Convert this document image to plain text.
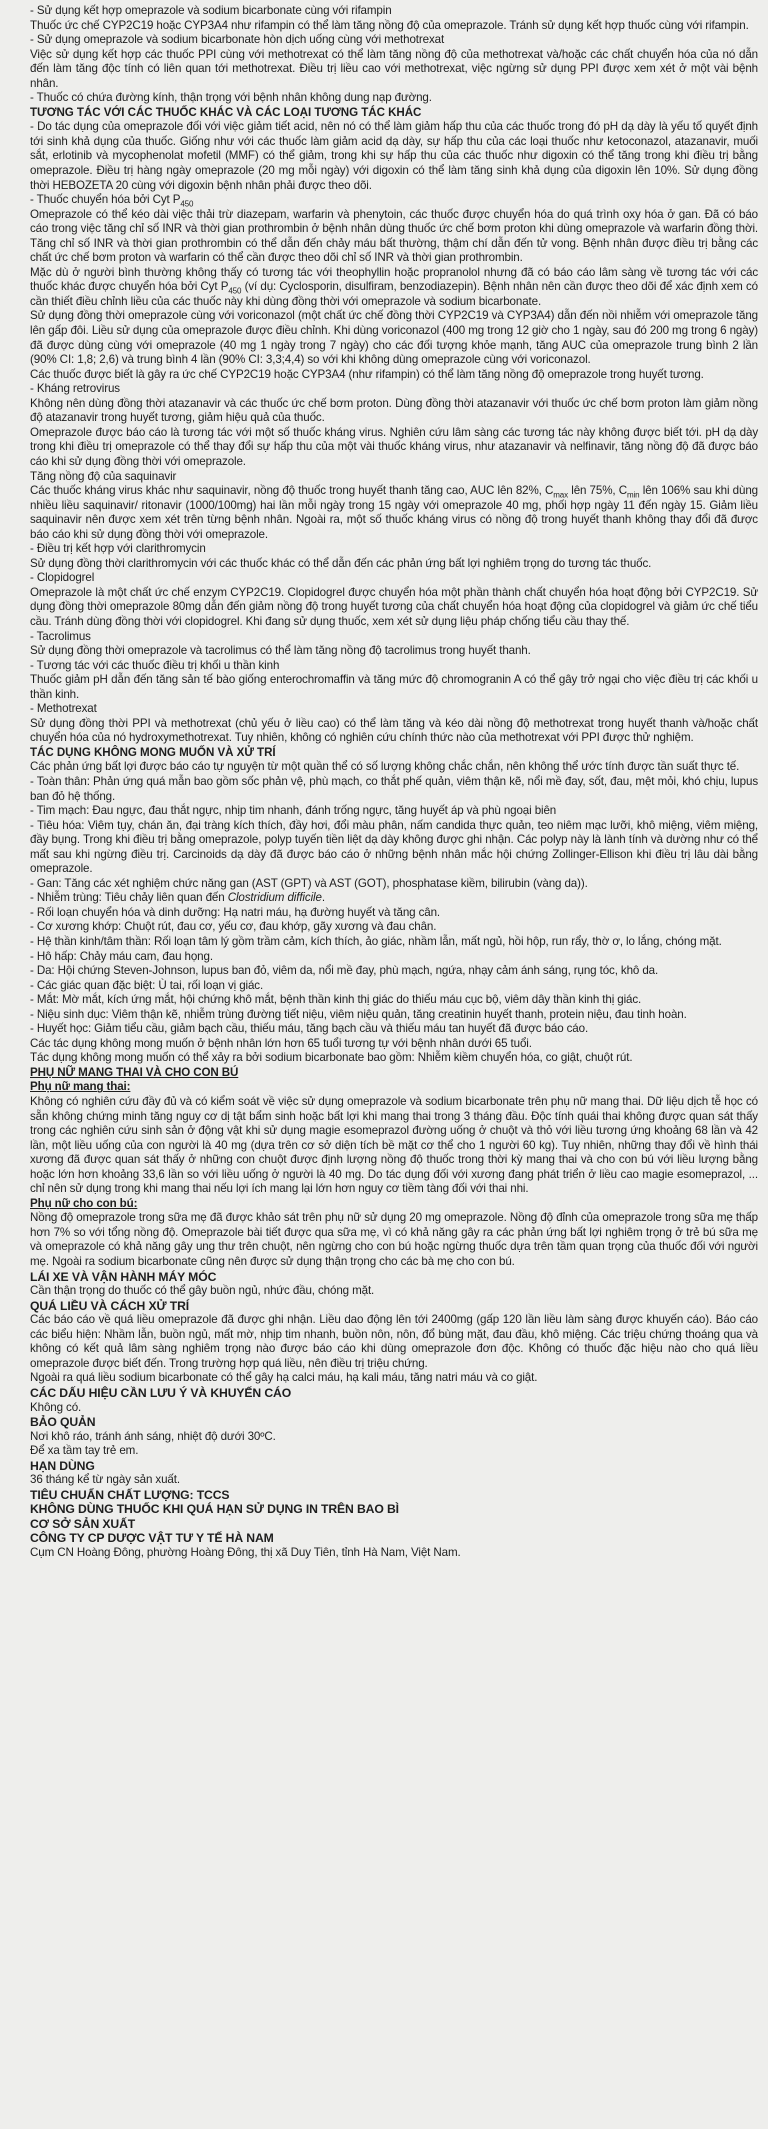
- Sử dụng kết hợp omeprazole và sodium bicarbonate cùng với rifampin

Thuốc ức chế CYP2C19 hoặc CYP3A4 như rifampin có thể làm tăng nồng độ của omeprazole. Tránh sử dụng kết hợp thuốc cùng với rifampin.

- Sử dụng omeprazole và sodium bicarbonate hòn dịch uống cùng với methotrexat

Việc sử dụng kết hợp các thuốc PPI cùng với methotrexat có thể làm tăng nồng độ của methotrexat và/hoặc các chất chuyển hóa của nó dẫn đến làm tăng độc tính có liên quan tới methotrexat. Điều trị liều cao với methotrexat, việc ngừng sử dụng PPI được xem xét ở một vài bệnh nhân.

- Thuốc có chứa đường kính, thận trọng với bệnh nhân không dung nạp đường.

TƯƠNG TÁC VỚI CÁC THUỐC KHÁC VÀ CÁC LOẠI TƯƠNG TÁC KHÁC

- Do tác dụng của omeprazole đối với việc giảm tiết acid, nên nó có thể làm giảm hấp thu của các thuốc trong đó pH dạ dày là yếu tố quyết định tới sinh khả dụng của thuốc. Giống như với các thuốc làm giảm acid dạ dày, sự hấp thu của các loại thuốc như ketoconazol, atazanavir, muối sắt, erlotinib và mycophenolat mofetil (MMF) có thể giảm, trong khi sự hấp thu của các thuốc như digoxin có thể tăng trong khi điều trị bằng omeprazole. Điều trị hàng ngày omeprazole (20 mg mỗi ngày) với digoxin có thể làm tăng sinh khả dụng của digoxin lên 10%. Sử dụng đồng thời HEBOZETA 20 cùng với digoxin bệnh nhân phải được theo dõi.

- Thuốc chuyển hóa bởi Cyt $P_{450}$

Omeprazole có thể kéo dài việc thải trừ diazepam, warfarin và phenytoin, các thuốc được chuyển hóa do quá trình oxy hóa ở gan. Đã có báo cáo trong việc tăng chỉ số INR và thời gian prothrombin ở bệnh nhân dùng thuốc ức chế bơm proton khi dùng omeprazole và warfarin đồng thời. Tăng chỉ số INR và thời gian prothrombin có thể dẫn đến chảy máu bất thường, thậm chí dẫn đến tử vong. Bệnh nhân được điều trị bằng các chất ức chế bơm proton và warfarin có thể cần được theo dõi chỉ số INR và thời gian prothrombin.

Mặc dù ở người bình thường không thấy có tương tác với theophyllin hoặc propranolol nhưng đã có báo cáo lâm sàng về tương tác với các thuốc khác được chuyển hóa bởi Cyt $P_{450}$ (ví dụ: Cyclosporin, disulfiram, benzodiazepin). Bệnh nhân nên cần được theo dõi để xác định xem có cần thiết điều chỉnh liều của các thuốc này khi dùng đồng thời với omeprazole và sodium bicarbonate.

Sử dụng đồng thời omeprazole cùng với voriconazol (một chất ức chế đồng thời CYP2C19 và CYP3A4) dẫn đến nồi nhiễm với omeprazole tăng lên gấp đôi. Liều sử dụng của omeprazole được điều chỉnh. Khi dùng voriconazol (400 mg trong 12 giờ cho 1 ngày, sau đó 200 mg trong 6 ngày) đã được dùng cùng với omeprazole (40 mg 1 ngày trong 7 ngày) cho các đối tượng khỏe mạnh, tăng AUC của omeprazole trung bình 2 lần (90% CI: 1,8; 2,6) và trung bình 4 lần (90% CI: 3,3;4,4) so với khi không dùng omeprazole cùng với voriconazol.

Các thuốc được biết là gây ra ức chế CYP2C19 hoặc CYP3A4 (như rifampin) có thể làm tăng nồng độ omeprazole trong huyết tương.

- Kháng retrovirus

Không nên dùng đồng thời atazanavir và các thuốc ức chế bơm proton. Dùng đồng thời atazanavir với thuốc ức chế bơm proton làm giảm nồng độ atazanavir trong huyết tương, giảm hiệu quả của thuốc.

Omeprazole được báo cáo là tương tác với một số thuốc kháng virus. Nghiên cứu lâm sàng các tương tác này không được biết tới. pH dạ dày trong khi điều trị omeprazole có thể thay đổi sự hấp thu của một vài thuốc kháng virus, như atazanavir và nelfinavir, tăng nồng độ đã được báo cáo khi sử dụng đồng thời với omeprazole.

Tăng nồng độ của saquinavir

Các thuốc kháng virus khác như saquinavir, nồng độ thuốc trong huyết thanh tăng cao, AUC lên 82%, $C_{max}$ lên 75%, $C_{min}$ lên 106% sau khi dùng nhiều liều saquinavir/ ritonavir (1000/100mg) hai lần mỗi ngày trong 15 ngày với omeprazole 40 mg, phối hợp ngày 11 đến ngày 15. Giảm liều saquinavir nên được xem xét trên từng bệnh nhân. Ngoài ra, một số thuốc kháng virus có nồng độ trong huyết thanh không thay đổi đã được báo cáo khi sử dụng đồng thời với omeprazole.

- Điều trị kết hợp với clarithromycin

Sử dụng đồng thời clarithromycin với các thuốc khác có thể dẫn đến các phản ứng bất lợi nghiêm trọng do tương tác thuốc.

- Clopidogrel

Omeprazole là một chất ức chế enzym CYP2C19. Clopidogrel được chuyển hóa một phần thành chất chuyển hóa hoạt động bởi CYP2C19. Sử dụng đồng thời omeprazole 80mg dẫn đến giảm nồng độ trong huyết tương của chất chuyển hóa hoạt động của clopidogrel và giảm ức chế tiểu cầu. Tránh dùng đồng thời với clopidogrel. Khi đang sử dụng thuốc, xem xét sử dụng liệu pháp chống tiểu cầu thay thế.

- Tacrolimus

Sử dụng đồng thời omeprazole và tacrolimus có thể làm tăng nồng độ tacrolimus trong huyết thanh.

- Tương tác với các thuốc điều trị khối u thần kinh

Thuốc giảm pH dẫn đến tăng sản tế bào giống enterochromaffin và tăng mức độ chromogranin A có thể gây trở ngại cho việc điều trị các khối u thần kinh.

- Methotrexat

Sử dụng đồng thời PPI và methotrexat (chủ yếu ở liều cao) có thể làm tăng và kéo dài nồng độ methotrexat trong huyết thanh và/hoặc chất chuyển hóa của nó hydroxymethotrexat. Tuy nhiên, không có nghiên cứu chính thức nào của methotrexat với PPI được thử nghiệm.

TÁC DỤNG KHÔNG MONG MUỐN VÀ XỬ TRÍ

Các phản ứng bất lợi được báo cáo tự nguyện từ một quần thể có số lượng không chắc chắn, nên không thể ước tính được tần suất thực tế.

- Toàn thân: Phản ứng quá mẫn bao gồm sốc phản vệ, phù mạch, co thắt phế quản, viêm thận kẽ, nổi mề đay, sốt, đau, mệt mỏi, khó chịu, lupus ban đỏ hệ thống.

- Tim mạch: Đau ngực, đau thắt ngực, nhịp tim nhanh, đánh trống ngực, tăng huyết áp và phù ngoại biên

- Tiêu hóa: Viêm tụy, chán ăn, đại tràng kích thích, đầy hơi, đổi màu phân, nấm candida thực quản, teo niêm mạc lưỡi, khô miệng, viêm miệng, đầy bụng. Trong khi điều trị bằng omeprazole, polyp tuyến tiền liệt dạ dày không được ghi nhận. Các polyp này là lành tính và dường như có thể mất sau khi ngừng điều trị. Carcinoids dạ dày đã được báo cáo ở những bệnh nhân mắc hội chứng Zollinger-Ellison khi điều trị lâu dài bằng omeprazole.

- Gan: Tăng các xét nghiệm chức năng gan (AST (GPT) và AST (GOT), phosphatase kiềm, bilirubin (vàng da)).

- Nhiễm trùng: Tiêu chảy liên quan đến Clostridium difficile.

- Rối loạn chuyển hóa và dinh dưỡng: Hạ natri máu, hạ đường huyết và tăng cân.

- Cơ xương khớp: Chuột rút, đau cơ, yếu cơ, đau khớp, gãy xương và đau chân.

- Hệ thần kinh/tâm thần: Rối loạn tâm lý gồm trầm cảm, kích thích, ảo giác, nhầm lẫn, mất ngủ, hồi hộp, run rẩy, thờ ơ, lo lắng, chóng mặt.

- Hô hấp: Chảy máu cam, đau họng.

- Da: Hội chứng Steven-Johnson, lupus ban đỏ, viêm da, nổi mề đay, phù mạch, ngứa, nhạy cảm ánh sáng, rụng tóc, khô da.

- Các giác quan đặc biệt: Ù tai, rối loạn vị giác.

- Mắt: Mờ mắt, kích ứng mắt, hội chứng khô mắt, bệnh thần kinh thị giác do thiếu máu cục bộ, viêm dây thần kinh thị giác.

- Niệu sinh dục: Viêm thận kẽ, nhiễm trùng đường tiết niệu, viêm niệu quản, tăng creatinin huyết thanh, protein niệu, đau tinh hoàn.

- Huyết học: Giảm tiểu cầu, giảm bạch cầu, thiếu máu, tăng bạch cầu và thiếu máu tan huyết đã được báo cáo.

Các tác dụng không mong muốn ở bệnh nhân lớn hơn 65 tuổi tương tự với bệnh nhân dưới 65 tuổi.

Tác dụng không mong muốn có thể xảy ra bởi sodium bicarbonate bao gồm: Nhiễm kiềm chuyển hóa, co giật, chuột rút.

PHỤ NỮ MANG THAI VÀ CHO CON BÚ

Phụ nữ mang thai:

Không có nghiên cứu đầy đủ và có kiểm soát về việc sử dụng omeprazole và sodium bicarbonate trên phụ nữ mang thai. Dữ liệu dịch tễ học có sẵn không chứng minh tăng nguy cơ dị tật bẩm sinh hoặc bất lợi khi mang thai trong 3 tháng đầu. Độc tính quái thai không được quan sát thấy trong các nghiên cứu sinh sản ở động vật khi sử dụng magie esomeprazol đường uống ở chuột và thỏ với liều tương ứng khoảng 68 lần và 42 lần, một liều uống của con người là 40 mg (dựa trên cơ sở diện tích bề mặt cơ thể cho 1 người 60 kg). Tuy nhiên, những thay đổi về hình thái xương đã được quan sát thấy ở những con chuột được định lượng nồng độ thuốc trong thời kỳ mang thai và cho con bú với liều lượng bằng hoặc lớn hơn khoảng 33,6 lần so với liều uống ở người là 40 mg. Do tác dụng đối với xương đang phát triển ở liều cao magie esomeprazol, ... chỉ nên sử dụng trong khi mang thai nếu lợi ích mang lại lớn hơn nguy cơ tiềm tàng đối với thai nhi.

Phụ nữ cho con bú:

Nồng độ omeprazole trong sữa mẹ đã được khảo sát trên phụ nữ sử dụng 20 mg omeprazole. Nồng độ đỉnh của omeprazole trong sữa mẹ thấp hơn 7% so với tổng nồng độ. Omeprazole bài tiết được qua sữa mẹ, vì có khả năng gây ra các phản ứng bất lợi nghiêm trọng ở trẻ bú sữa mẹ và omeprazole có khả năng gây ung thư trên chuột, nên ngừng cho con bú hoặc ngừng thuốc dựa trên tầm quan trọng của thuốc đối với người mẹ. Ngoài ra sodium bicarbonate cũng nên được sử dụng thận trọng cho các bà mẹ cho con bú.

LÁI XE VÀ VẬN HÀNH MÁY MÓC

Cần thận trọng do thuốc có thể gây buồn ngủ, nhức đầu, chóng mặt.

QUÁ LIỀU VÀ CÁCH XỬ TRÍ

Các báo cáo về quá liều omeprazole đã được ghi nhận. Liều dao động lên tới 2400mg (gấp 120 lần liều làm sàng được khuyến cáo). Báo cáo các biểu hiện: Nhầm lẫn, buồn ngủ, mất mờ, nhịp tim nhanh, buồn nôn, nôn, đổ bùng mặt, đau đầu, khô miệng. Các triệu chứng thoáng qua và không có kết quả lâm sàng nghiêm trọng nào được báo cáo khi dùng omeprazole đơn độc. Không có thuốc đặc hiệu nào cho quá liều omeprazole được biết đến. Trong trường hợp quá liều, nên điều trị triệu chứng.

Ngoài ra quá liều sodium bicarbonate có thể gây hạ calci máu, hạ kali máu, tăng natri máu và co giật.

CÁC DẤU HIỆU CẦN LƯU Ý VÀ KHUYẾN CÁO

Không có.

BẢO QUẢN

Nơi khô ráo, tránh ánh sáng, nhiệt độ dưới 30ºC.

Để xa tầm tay trẻ em.

HẠN DÙNG

36 tháng kể từ ngày sản xuất.

TIÊU CHUẨN CHẤT LƯỢNG: TCCS

KHÔNG DÙNG THUỐC KHI QUÁ HẠN SỬ DỤNG IN TRÊN BAO BÌ

CƠ SỞ SẢN XUẤT

CÔNG TY CP DƯỢC VẬT TƯ Y TẾ HÀ NAM

Cụm CN Hoàng Đông, phường Hoàng Đông, thị xã Duy Tiên, tỉnh Hà Nam, Việt Nam.
